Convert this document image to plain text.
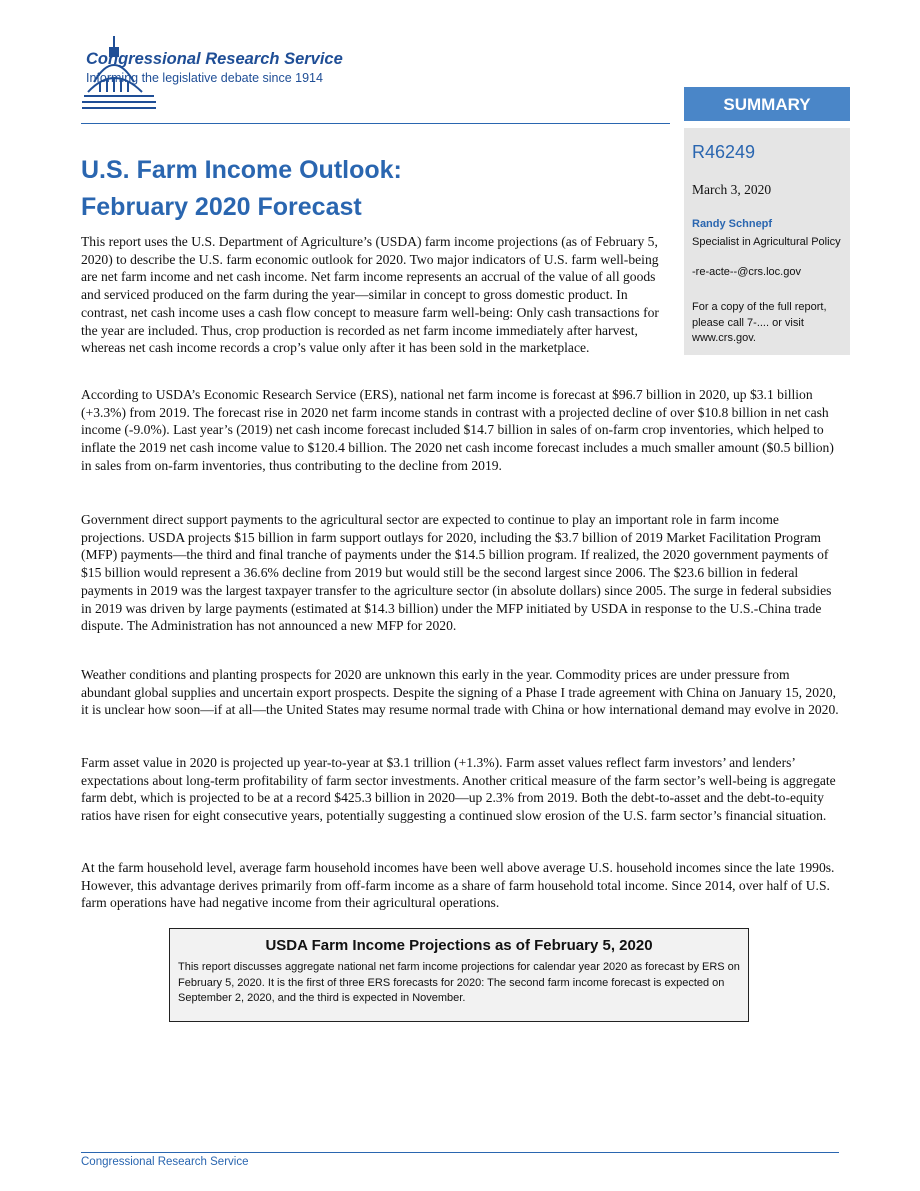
Congressional Research Service
Informing the legislative debate since 1914
SUMMARY
R46249
March 3, 2020
Randy Schnepf
Specialist in Agricultural Policy
-re-acte--@crs.loc.gov
For a copy of the full report, please call 7-.... or visit www.crs.gov.
U.S. Farm Income Outlook:
February 2020 Forecast

This report uses the U.S. Department of Agriculture’s (USDA) farm income projections (as of February 5, 2020) to describe the U.S. farm economic outlook for 2020. Two major indicators of U.S. farm well-being are net farm income and net cash income. Net farm income represents an accrual of the value of all goods and serviced produced on the farm during the year—similar in concept to gross domestic product. In contrast, net cash income uses a cash flow concept to measure farm well-being: Only cash transactions for the year are included. Thus, crop production is recorded as net farm income immediately after harvest, whereas net cash income records a crop’s value only after it has been sold in the marketplace.

According to USDA’s Economic Research Service (ERS), national net farm income is forecast at $96.7 billion in 2020, up $3.1 billion (+3.3%) from 2019. The forecast rise in 2020 net farm income stands in contrast with a projected decline of over $10.8 billion in net cash income (-9.0%). Last year’s (2019) net cash income forecast included $14.7 billion in sales of on-farm crop inventories, which helped to inflate the 2019 net cash income value to $120.4 billion. The 2020 net cash income forecast includes a much smaller amount ($0.5 billion) in sales from on-farm inventories, thus contributing to the decline from 2019.

Government direct support payments to the agricultural sector are expected to continue to play an important role in farm income projections. USDA projects $15 billion in farm support outlays for 2020, including the $3.7 billion of 2019 Market Facilitation Program (MFP) payments—the third and final tranche of payments under the $14.5 billion program. If realized, the 2020 government payments of $15 billion would represent a 36.6% decline from 2019 but would still be the second largest since 2006. The $23.6 billion in federal payments in 2019 was the largest taxpayer transfer to the agriculture sector (in absolute dollars) since 2005. The surge in federal subsidies in 2019 was driven by large payments (estimated at $14.3 billion) under the MFP initiated by USDA in response to the U.S.-China trade dispute. The Administration has not announced a new MFP for 2020.

Weather conditions and planting prospects for 2020 are unknown this early in the year. Commodity prices are under pressure from abundant global supplies and uncertain export prospects. Despite the signing of a Phase I trade agreement with China on January 15, 2020, it is unclear how soon—if at all—the United States may resume normal trade with China or how international demand may evolve in 2020.

Farm asset value in 2020 is projected up year-to-year at $3.1 trillion (+1.3%). Farm asset values reflect farm investors’ and lenders’ expectations about long-term profitability of farm sector investments. Another critical measure of the farm sector’s well-being is aggregate farm debt, which is projected to be at a record $425.3 billion in 2020—up 2.3% from 2019. Both the debt-to-asset and the debt-to-equity ratios have risen for eight consecutive years, potentially suggesting a continued slow erosion of the U.S. farm sector’s financial situation.

At the farm household level, average farm household incomes have been well above average U.S. household incomes since the late 1990s. However, this advantage derives primarily from off-farm income as a share of farm household total income. Since 2014, over half of U.S. farm operations have had negative income from their agricultural operations.

USDA Farm Income Projections as of February 5, 2020
This report discusses aggregate national net farm income projections for calendar year 2020 as forecast by ERS on February 5, 2020. It is the first of three ERS forecasts for 2020: The second farm income forecast is expected on September 2, 2020, and the third is expected in November.
Congressional Research Service
